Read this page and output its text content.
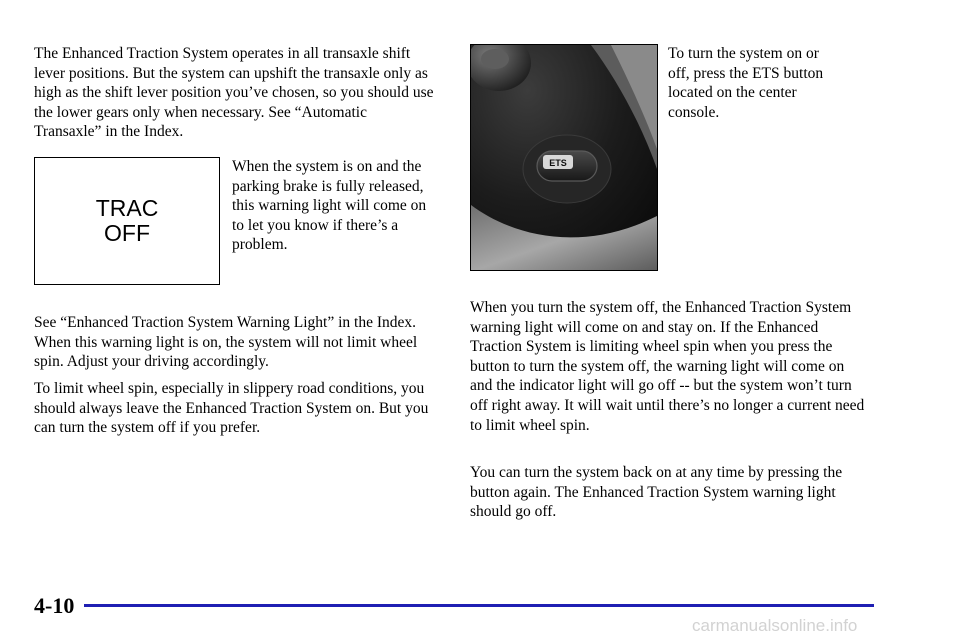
The Enhanced Traction System operates in all transaxle shift lever positions. But the system can upshift the transaxle only as high as the shift lever position you’ve chosen, so you should use the lower gears only when necessary. See “Automatic Transaxle” in the Index.

TRAC
OFF

When the system is on and the parking brake is fully released, this warning light will come on to let you know if there’s a problem.

See “Enhanced Traction System Warning Light” in the Index. When this warning light is on, the system will not limit wheel spin. Adjust your driving accordingly.

To limit wheel spin, especially in slippery road conditions, you should always leave the Enhanced Traction System on. But you can turn the system off if you prefer.

ETS

To turn the system on or off, press the ETS button located on the center console.

When you turn the system off, the Enhanced Traction System warning light will come on and stay on. If the Enhanced Traction System is limiting wheel spin when you press the button to turn the system off, the warning light will come on and the indicator light will go off -- but the system won’t turn off right away. It will wait until there’s no longer a current need to limit wheel spin.

You can turn the system back on at any time by pressing the button again. The Enhanced Traction System warning light should go off.

4-10
carmanualsonline.info
